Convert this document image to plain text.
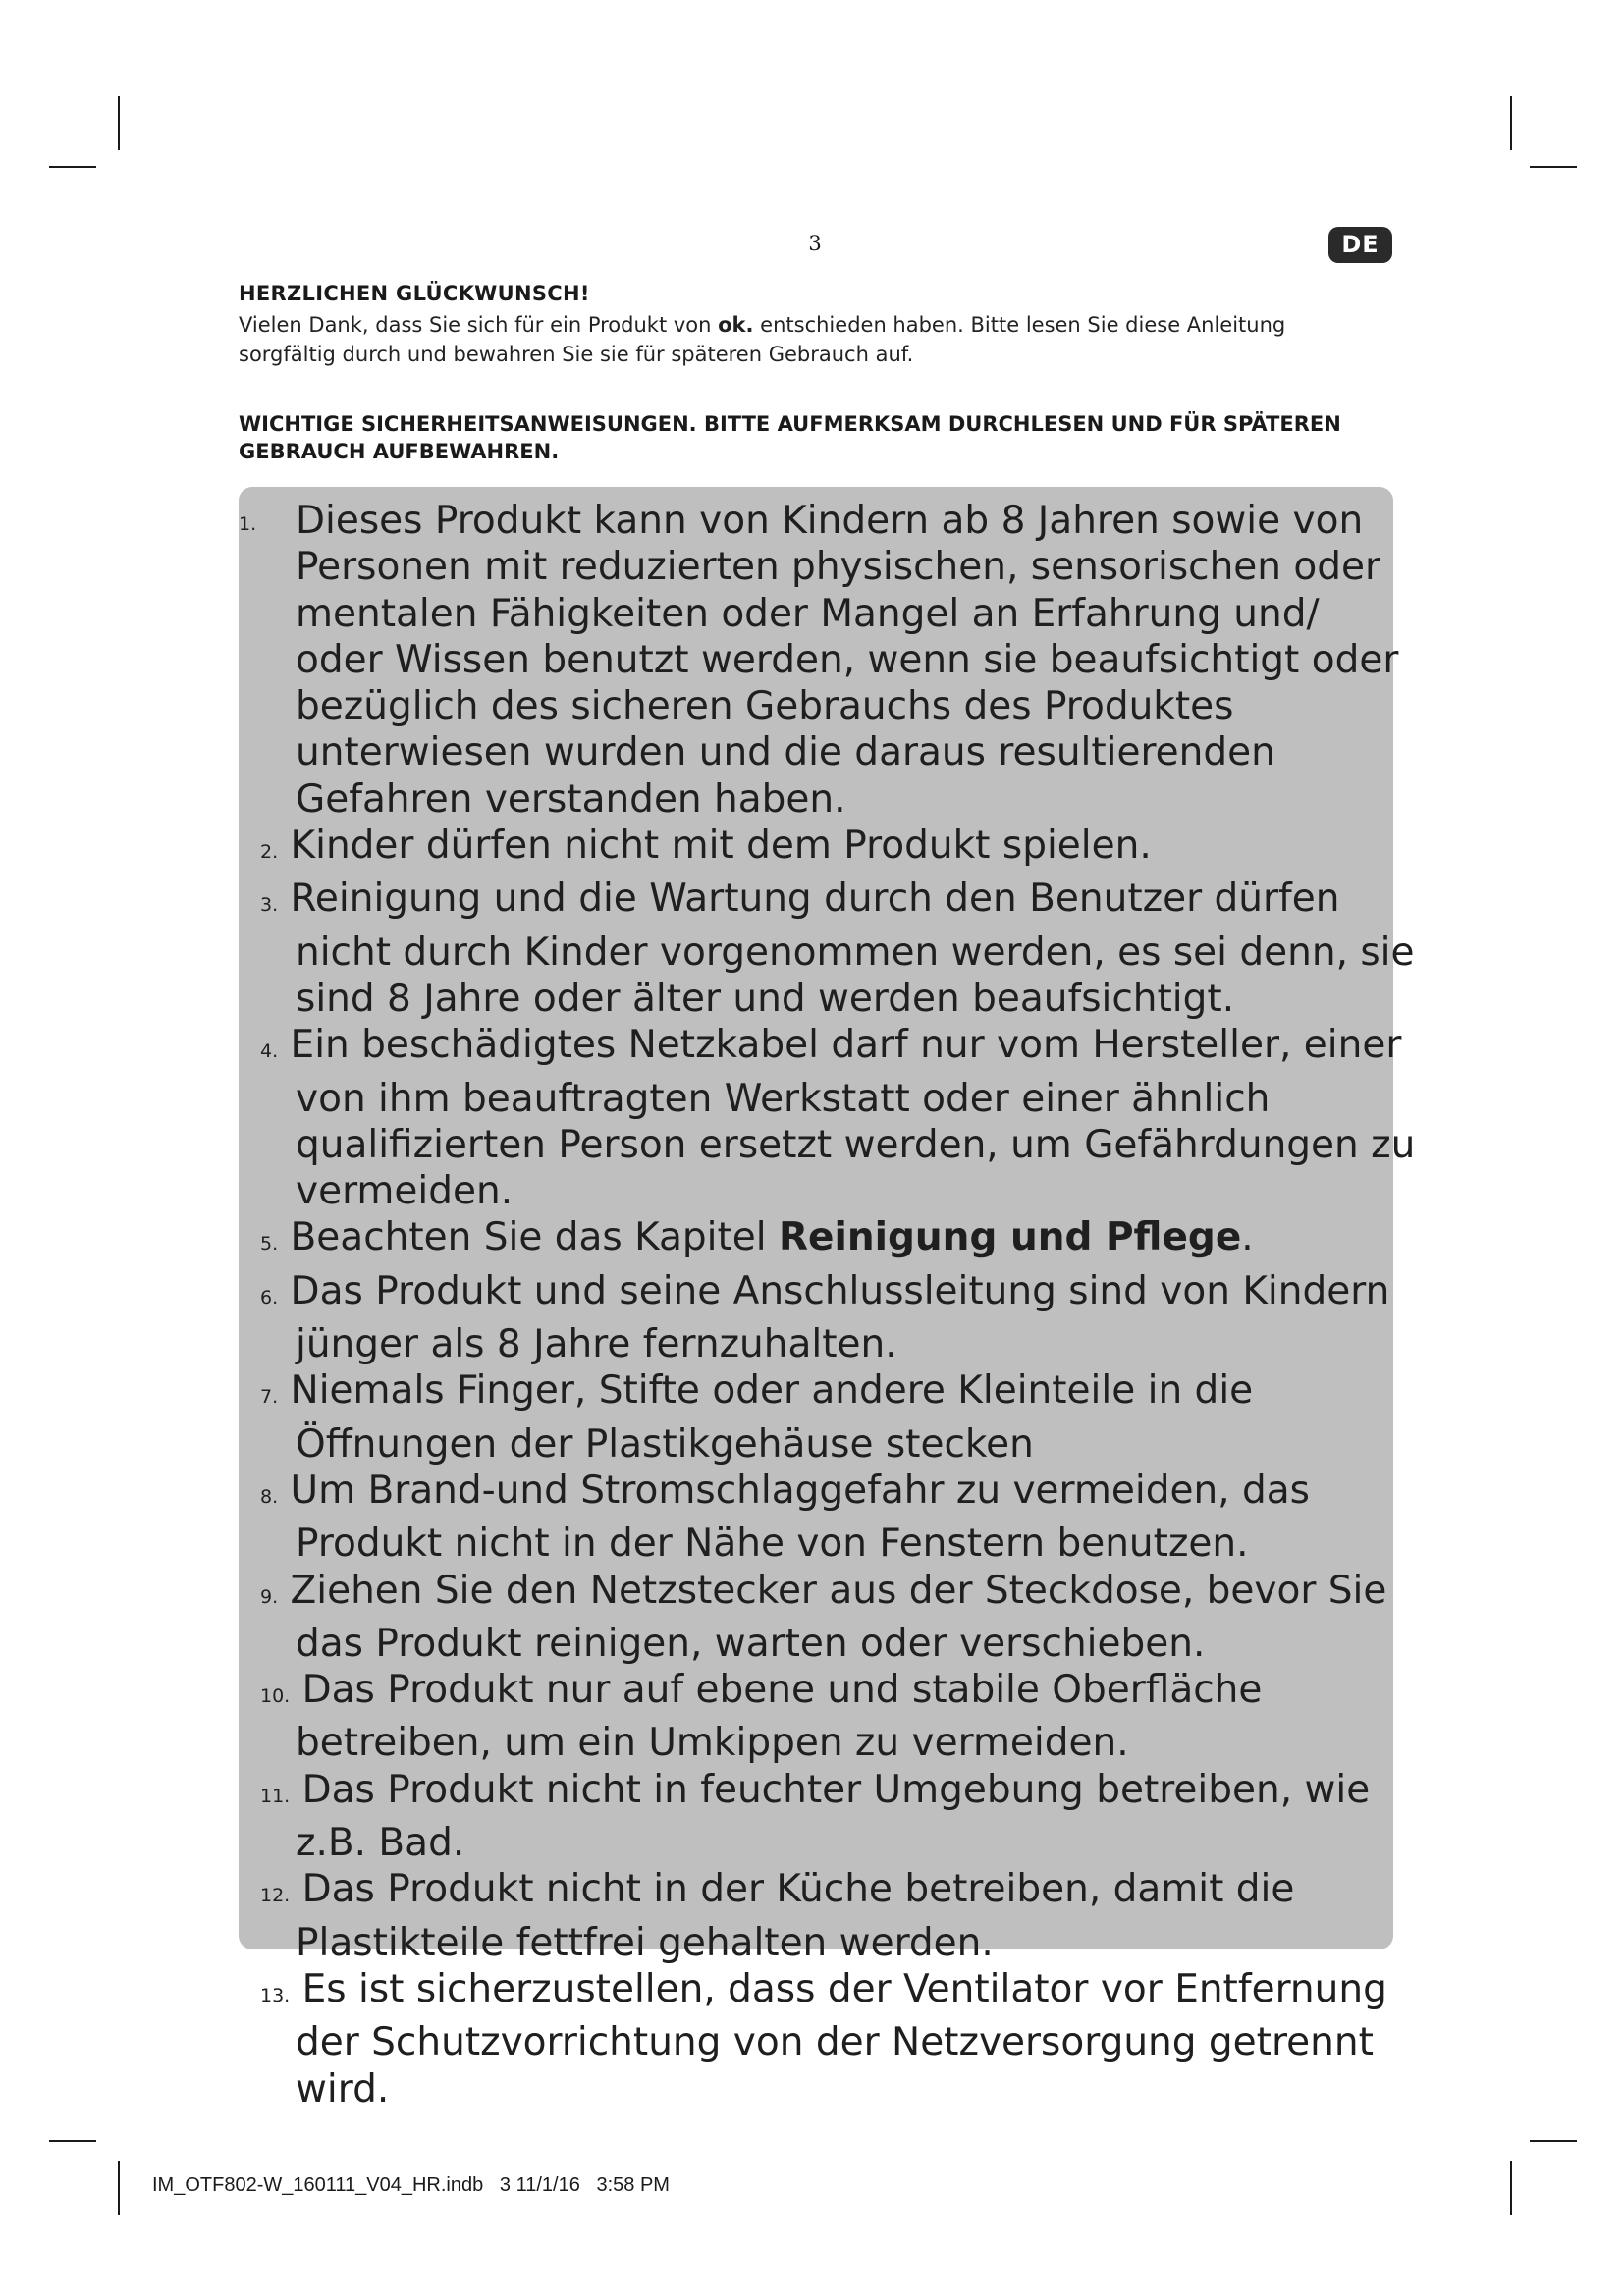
3	DE
HERZLICHEN GLÜCKWUNSCH!
Vielen Dank, dass Sie sich für ein Produkt von ok. entschieden haben. Bitte lesen Sie diese Anleitung sorgfältig durch und bewahren Sie sie für späteren Gebrauch auf.
WICHTIGE SICHERHEITSANWEISUNGEN. BITTE AUFMERKSAM DURCHLESEN UND FÜR SPÄTEREN GEBRAUCH AUFBEWAHREN.
1. Dieses Produkt kann von Kindern ab 8 Jahren sowie von Personen mit reduzierten physischen, sensorischen oder mentalen Fähigkeiten oder Mangel an Erfahrung und/ oder Wissen benutzt werden, wenn sie beaufsichtigt oder bezüglich des sicheren Gebrauchs des Produktes unterwiesen wurden und die daraus resultierenden Gefahren verstanden haben.
2. Kinder dürfen nicht mit dem Produkt spielen.
3. Reinigung und die Wartung durch den Benutzer dürfen nicht durch Kinder vorgenommen werden, es sei denn, sie sind 8 Jahre oder älter und werden beaufsichtigt.
4. Ein beschädigtes Netzkabel darf nur vom Hersteller, einer von ihm beauftragten Werkstatt oder einer ähnlich qualifizierten Person ersetzt werden, um Gefährdungen zu vermeiden.
5. Beachten Sie das Kapitel Reinigung und Pflege.
6. Das Produkt und seine Anschlussleitung sind von Kindern jünger als 8 Jahre fernzuhalten.
7. Niemals Finger, Stifte oder andere Kleinteile in die Öffnungen der Plastikgehäuse stecken
8. Um Brand-und Stromschlaggefahr zu vermeiden, das Produkt nicht in der Nähe von Fenstern benutzen.
9. Ziehen Sie den Netzstecker aus der Steckdose, bevor Sie das Produkt reinigen, warten oder verschieben.
10. Das Produkt nur auf ebene und stabile Oberfläche betreiben, um ein Umkippen zu vermeiden.
11. Das Produkt nicht in feuchter Umgebung betreiben, wie z.B. Bad.
12. Das Produkt nicht in der Küche betreiben, damit die Plastikteile fettfrei gehalten werden.
13. Es ist sicherzustellen, dass der Ventilator vor Entfernung der Schutzvorrichtung von der Netzversorgung getrennt wird.
IM_OTF802-W_160111_V04_HR.indb   3 11/1/16   3:58 PM
